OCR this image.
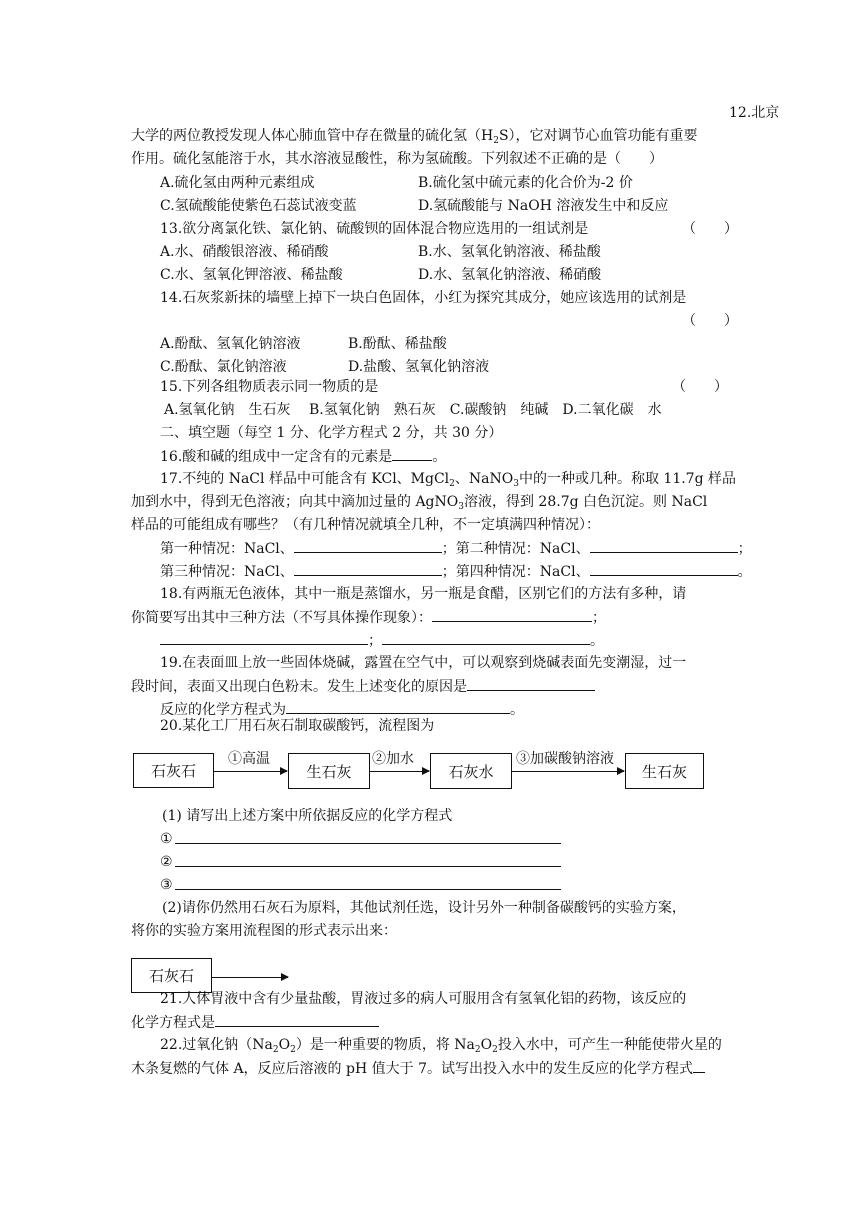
12.北京
大学的两位教授发现人体心肺血管中存在微量的硫化氢$(H_2S)$，它对调节心血管功能有重要
作用。硫化氢能溶于水，其水溶液显酸性，称为氢硫酸。下列叙述不正确的是（　　）
A.硫化氢由两种元素组成	B.硫化氢中硫元素的化合价为-2 价
C.氢硫酸能使紫色石蕊试液变蓝	D.氢硫酸能与 NaOH 溶液发生中和反应
13.欲分离氯化铁、氯化钠、硫酸钡的固体混合物应选用的一组试剂是	（　　）
A.水、硝酸银溶液、稀硝酸	B.水、氢氧化钠溶液、稀盐酸
C.水、氢氧化钾溶液、稀盐酸	D.水、氢氧化钠溶液、稀硝酸
14.石灰浆新抹的墙壁上掉下一块白色固体，小红为探究其成分，她应该选用的试剂是
（　　）
A.酚酞、氢氧化钠溶液	B.酚酞、稀盐酸
C.酚酞、氯化钠溶液	D.盐酸、氢氧化钠溶液
15.下列各组物质表示同一物质的是	（　　）
A.氢氧化钠　生石灰　 B.氢氧化钠　熟石灰　C.碳酸钠　纯碱　D.二氧化碳　水
二、填空题（每空 1 分、化学方程式 2 分，共 30 分）
16.酸和碱的组成中一定含有的元素是	。
17.不纯的 NaCl 样品中可能含有 KCl、MgCl$_2$、NaNO$_3$中的一种或几种。称取 11.7g 样品
加到水中，得到无色溶液；向其中滴加过量的 AgNO$_3$溶液，得到 28.7g 白色沉淀。则 NaCl
样品的可能组成有哪些？（有几种情况就填全几种，不一定填满四种情况）：
第一种情况：NaCl、	；第二种情况：NaCl、	；
第三种情况：NaCl、	；第四种情况：NaCl、	。
18.有两瓶无色液体，其中一瓶是蒸馏水，另一瓶是食醋，区别它们的方法有多种，请
你简要写出其中三种方法（不写具体操作现象）：	；
；	。
19.在表面皿上放一些固体烧碱，露置在空气中，可以观察到烧碱表面先变潮湿，过一
段时间，表面又出现白色粉末。发生上述变化的原因是
反应的化学方程式为	。
20.某化工厂用石灰石制取碳酸钙，流程图为
石灰石
①高温
生石灰
②加水
石灰水
③加碳酸钠溶液
生石灰
(1) 请写出上述方案中所依据反应的化学方程式
①
②
③
(2)请你仍然用石灰石为原料，其他试剂任选，设计另外一种制备碳酸钙的实验方案，
将你的实验方案用流程图的形式表示出来：
石灰石
21.人体胃液中含有少量盐酸，胃液过多的病人可服用含有氢氧化铝的药物，该反应的
化学方程式是
22.过氧化钠$(Na_2O_2)$是一种重要的物质，将 $Na_2O_2$投入水中，可产生一种能使带火星的
木条复燃的气体 A，反应后溶液的 pH 值大于 7。试写出投入水中的发生反应的化学方程式
